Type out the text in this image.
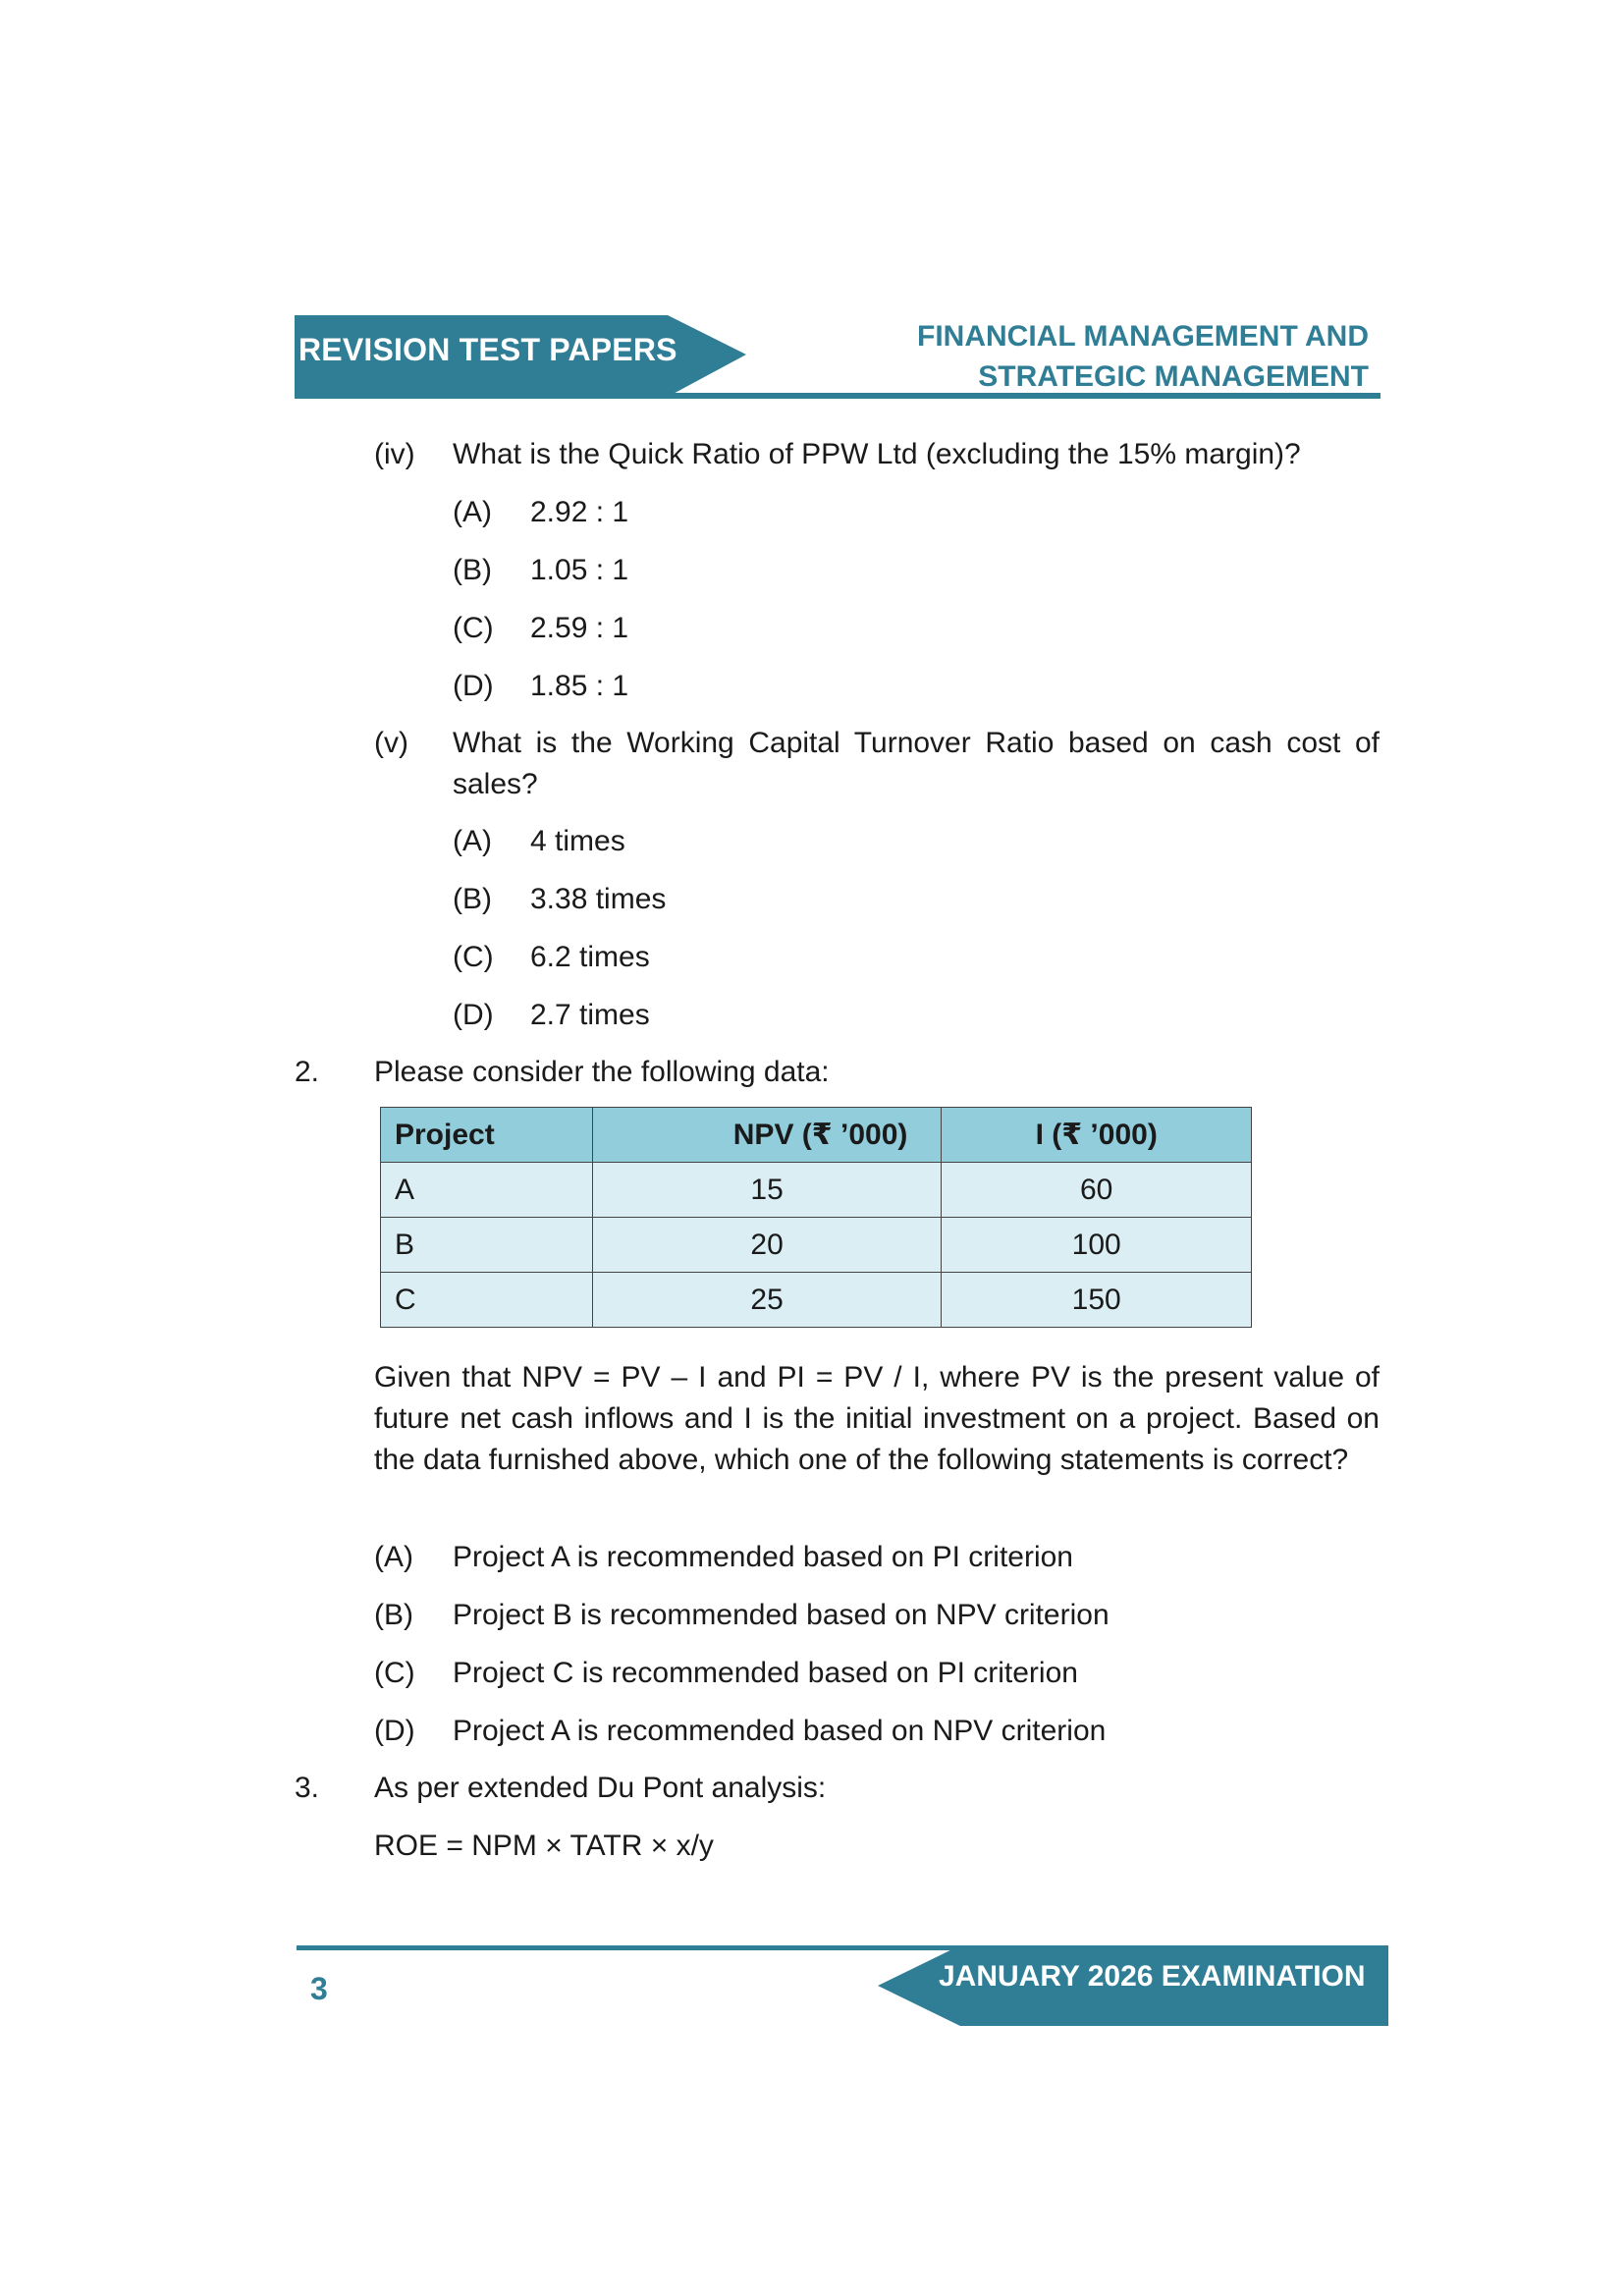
REVISION TEST PAPERS	FINANCIAL MANAGEMENT AND
STRATEGIC MANAGEMENT
(iv) What is the Quick Ratio of PPW Ltd (excluding the 15% margin)?
(A) 2.92 : 1
(B) 1.05 : 1
(C) 2.59 : 1
(D) 1.85 : 1
(v) What is the Working Capital Turnover Ratio based on cash cost of sales?
(A) 4 times
(B) 3.38 times
(C) 6.2 times
(D) 2.7 times
2. Please consider the following data:
Project	NPV (₹ ’000)	I (₹ ’000)
A	15	60
B	20	100
C	25	150
Given that NPV = PV – I and PI = PV / I, where PV is the present value of future net cash inflows and I is the initial investment on a project. Based on the data furnished above, which one of the following statements is correct?
(A) Project A is recommended based on PI criterion
(B) Project B is recommended based on NPV criterion
(C) Project C is recommended based on PI criterion
(D) Project A is recommended based on NPV criterion
3. As per extended Du Pont analysis:
ROE = NPM × TATR × x/y
JANUARY 2026 EXAMINATION
3
